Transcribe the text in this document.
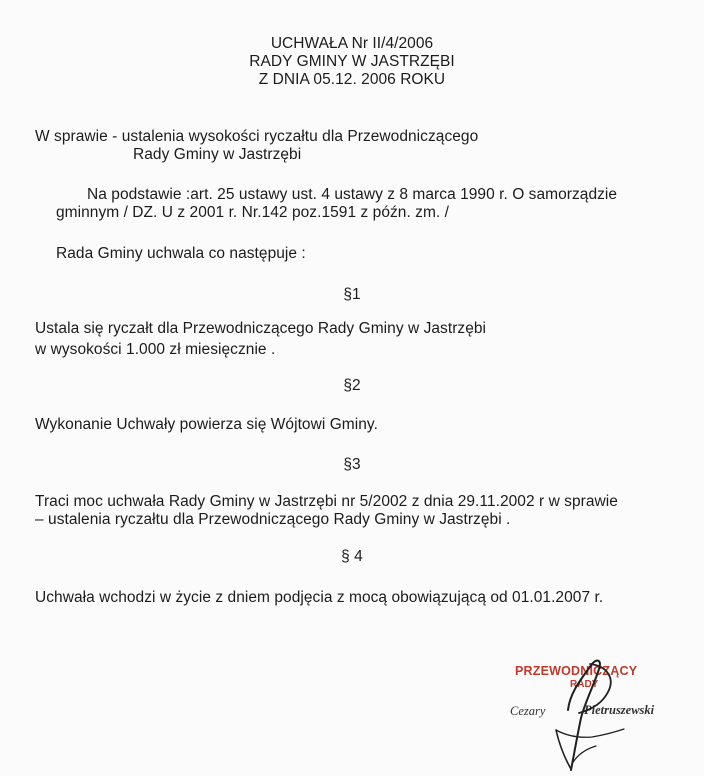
UCHWAŁA Nr II/4/2006
RADY GMINY W JASTRZĘBI
Z DNIA 05.12. 2006 ROKU
W sprawie - ustalenia wysokości ryczałtu dla Przewodniczącego
Rady Gminy w Jastrzębi
Na podstawie :art. 25 ustawy ust. 4 ustawy z 8 marca 1990 r. O samorządzie
gminnym / DZ. U z 2001 r. Nr.142 poz.1591 z późn. zm. /
Rada Gminy uchwala co następuje :
§1
Ustala się ryczałt dla Przewodniczącego Rady Gminy w Jastrzębi
w wysokości 1.000 zł miesięcznie .
§2
Wykonanie Uchwały powierza się Wójtowi Gminy.
§3
Traci moc uchwała Rady Gminy w Jastrzębi nr 5/2002 z dnia 29.11.2002 r w sprawie
– ustalenia ryczałtu dla Przewodniczącego Rady Gminy w Jastrzębi .
§ 4
Uchwała wchodzi w życie z dniem podjęcia z mocą obowiązującą od 01.01.2007 r.
PRZEWODNICZĄCY
RADY
Cezary	Pietruszewski
